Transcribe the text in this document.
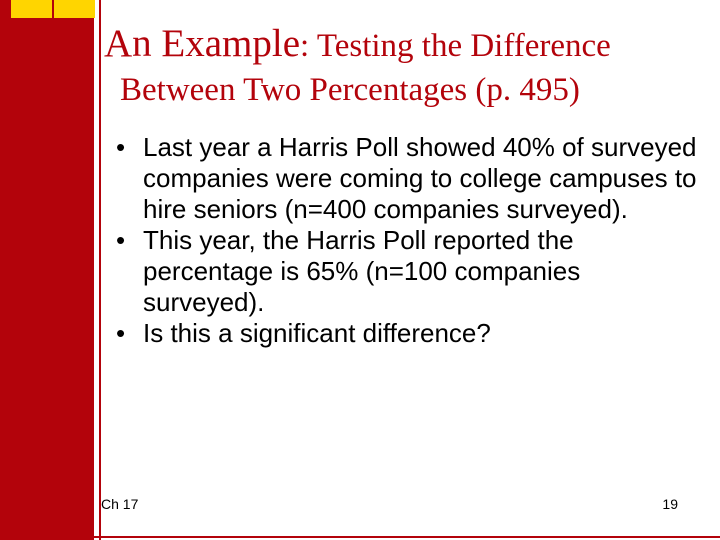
An Example: Testing the Difference
Between Two Percentages (p. 495)
• Last year a Harris Poll showed 40% of surveyed companies were coming to college campuses to hire seniors (n=400 companies surveyed).
• This year, the Harris Poll reported the percentage is 65% (n=100 companies surveyed).
• Is this a significant difference?
Ch 17	19
